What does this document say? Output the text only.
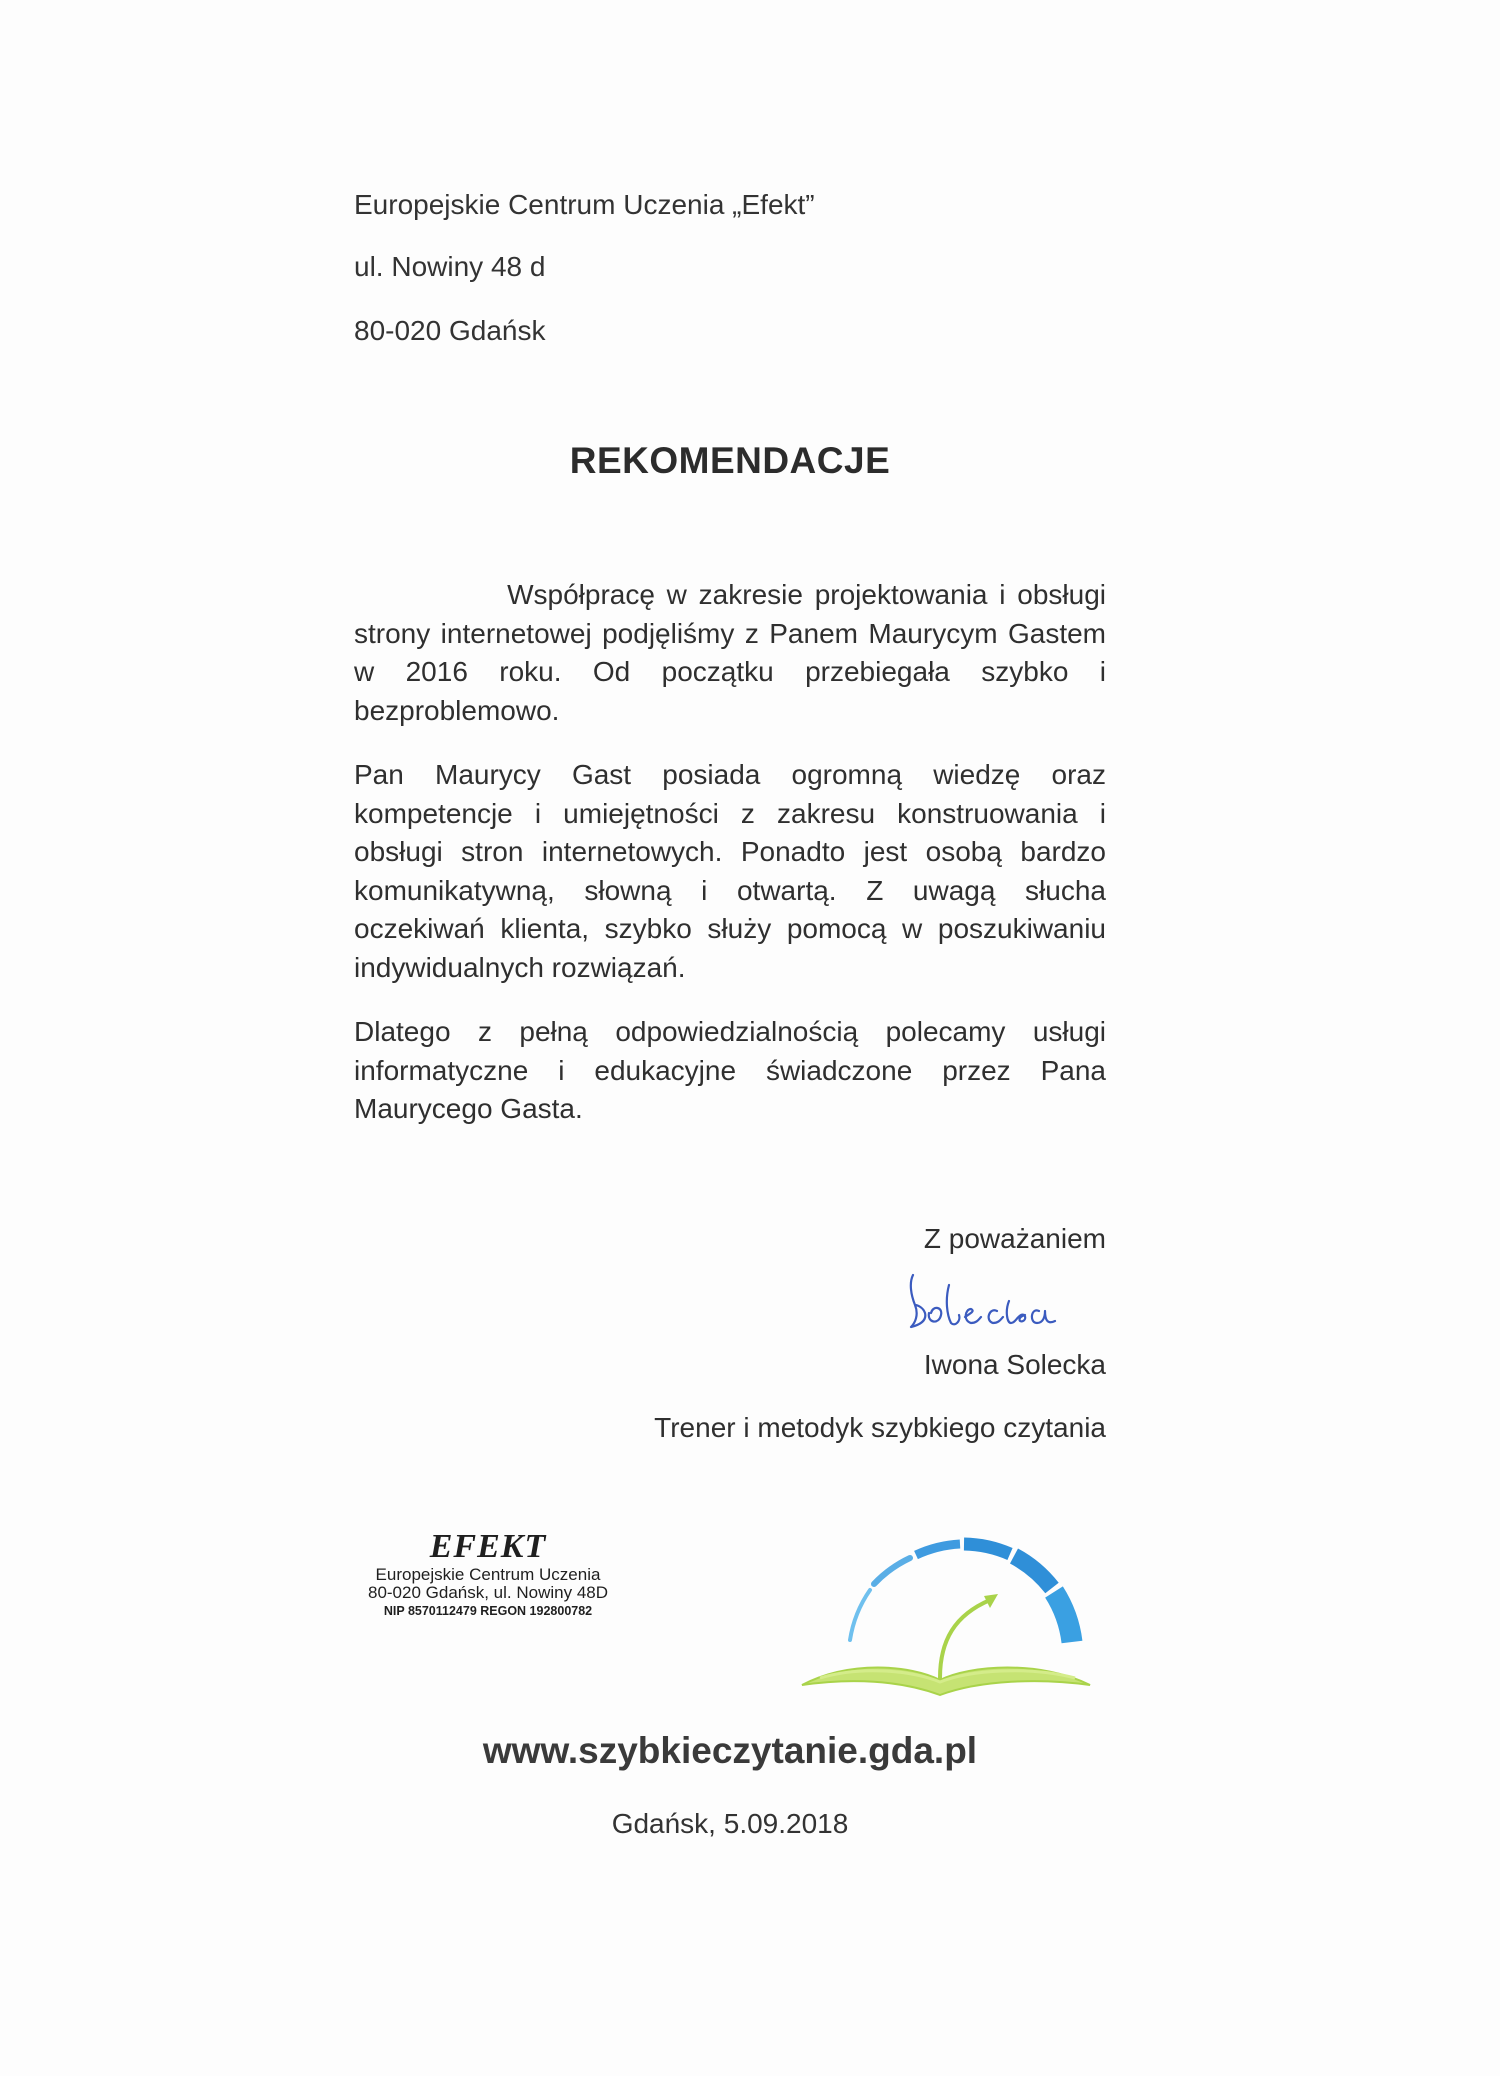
Europejskie Centrum Uczenia „Efekt”
ul. Nowiny 48 d
80-020 Gdańsk
REKOMENDACJE

Współpracę w zakresie projektowania i obsługi strony internetowej podjęliśmy z Panem Maurycym Gastem w 2016 roku. Od początku przebiegała szybko i bezproblemowo.

Pan Maurycy Gast posiada ogromną wiedzę oraz kompetencje i umiejętności z zakresu konstruowania i obsługi stron internetowych. Ponadto jest osobą bardzo komunikatywną, słowną i otwartą. Z uwagą słucha oczekiwań klienta, szybko służy pomocą w poszukiwaniu indywidualnych rozwiązań.

Dlatego z pełną odpowiedzialnością polecamy usługi informatyczne i edukacyjne świadczone przez Pana Maurycego Gasta.

Z poważaniem
Iwona Solecka
Trener i metodyk szybkiego czytania
EFEKT
Europejskie Centrum Uczenia
80-020 Gdańsk, ul. Nowiny 48D
NIP 8570112479 REGON 192800782
www.szybkieczytanie.gda.pl
Gdańsk, 5.09.2018
